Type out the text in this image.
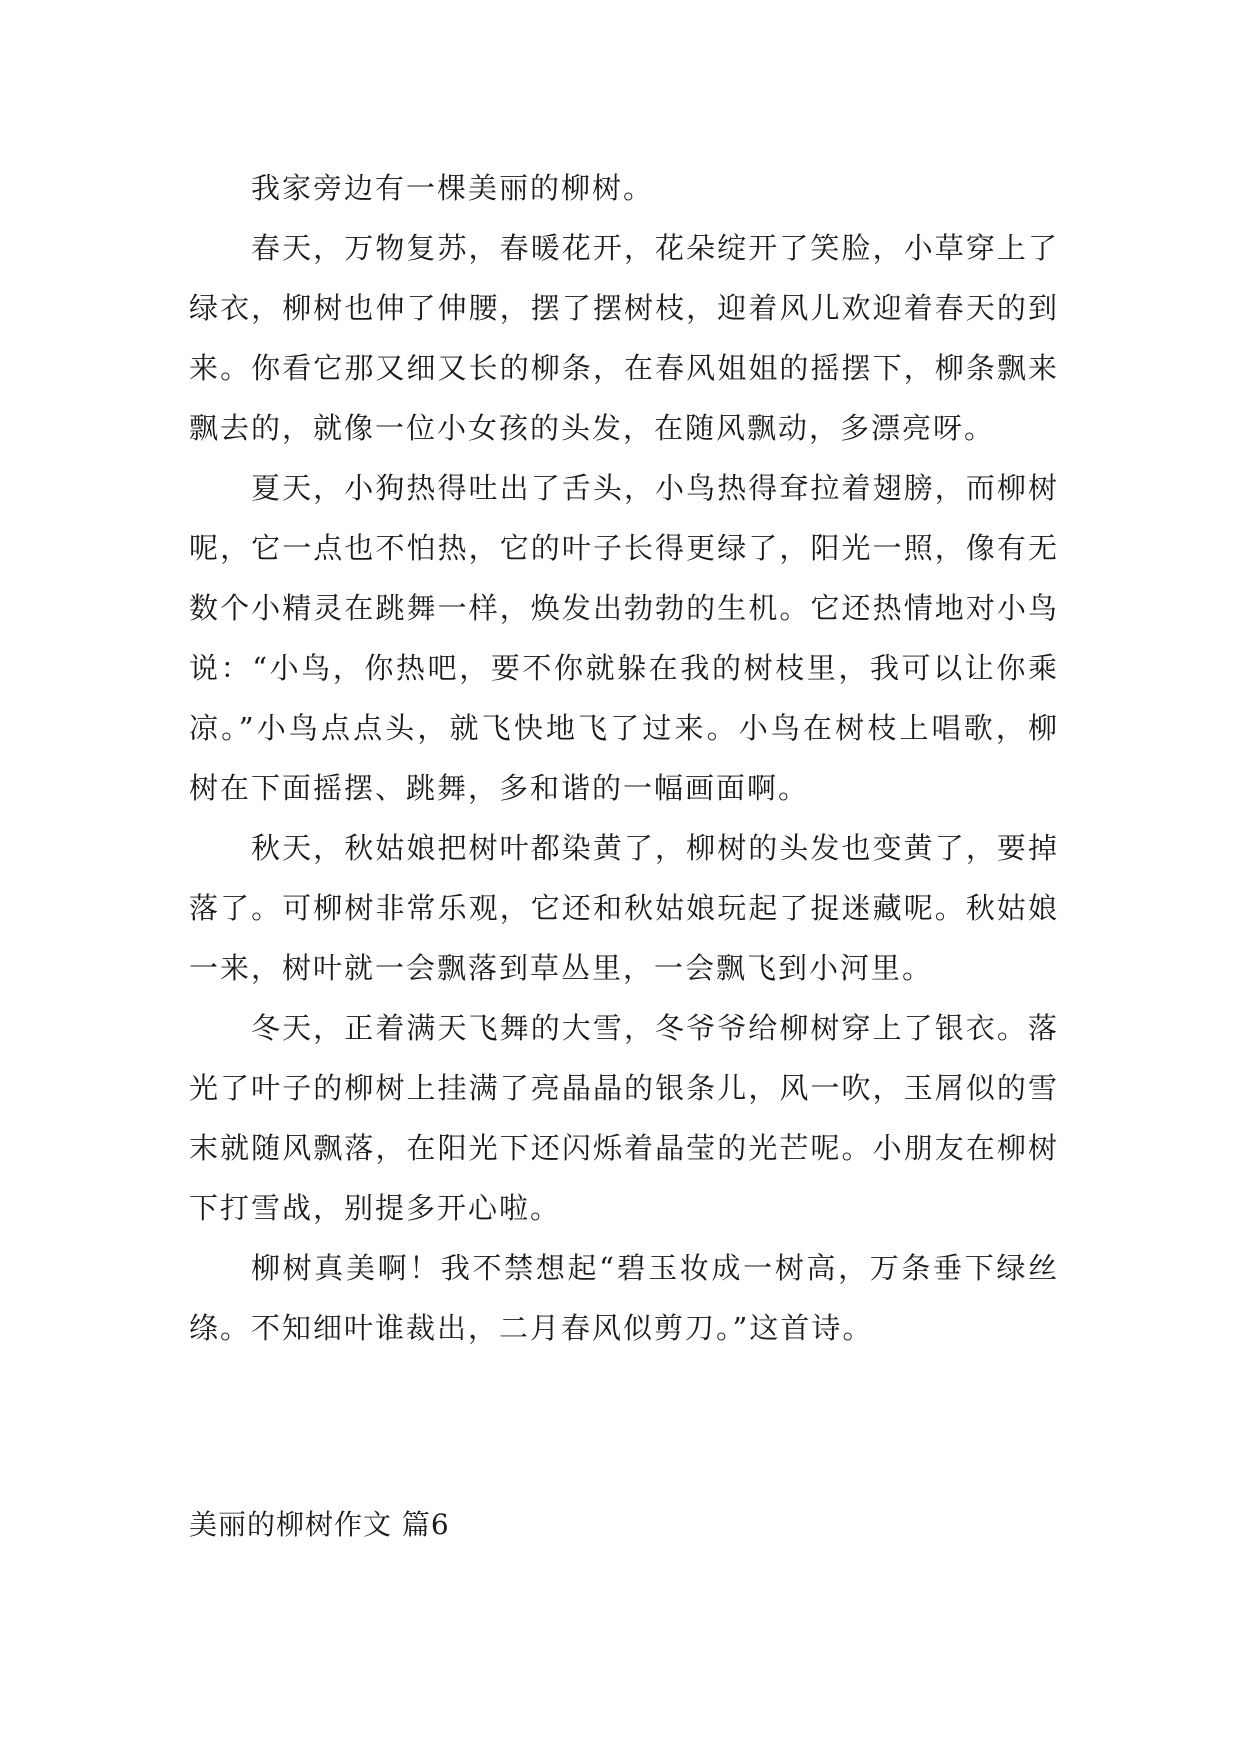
我家旁边有一棵美丽的柳树。

春天，万物复苏，春暖花开，花朵绽开了笑脸，小草穿上了绿衣，柳树也伸了伸腰，摆了摆树枝，迎着风儿欢迎着春天的到来。你看它那又细又长的柳条，在春风姐姐的摇摆下，柳条飘来飘去的，就像一位小女孩的头发，在随风飘动，多漂亮呀。

夏天，小狗热得吐出了舌头，小鸟热得耷拉着翅膀，而柳树呢，它一点也不怕热，它的叶子长得更绿了，阳光一照，像有无数个小精灵在跳舞一样，焕发出勃勃的生机。它还热情地对小鸟说：“小鸟，你热吧，要不你就躲在我的树枝里，我可以让你乘凉。”小鸟点点头，就飞快地飞了过来。小鸟在树枝上唱歌，柳树在下面摇摆、跳舞，多和谐的一幅画面啊。

秋天，秋姑娘把树叶都染黄了，柳树的头发也变黄了，要掉落了。可柳树非常乐观，它还和秋姑娘玩起了捉迷藏呢。秋姑娘一来，树叶就一会飘落到草丛里，一会飘飞到小河里。

冬天，正着满天飞舞的大雪，冬爷爷给柳树穿上了银衣。落光了叶子的柳树上挂满了亮晶晶的银条儿，风一吹，玉屑似的雪末就随风飘落，在阳光下还闪烁着晶莹的光芒呢。小朋友在柳树下打雪战，别提多开心啦。

柳树真美啊！我不禁想起“碧玉妆成一树高，万条垂下绿丝绦。不知细叶谁裁出，二月春风似剪刀。”这首诗。

美丽的柳树作文 篇6
